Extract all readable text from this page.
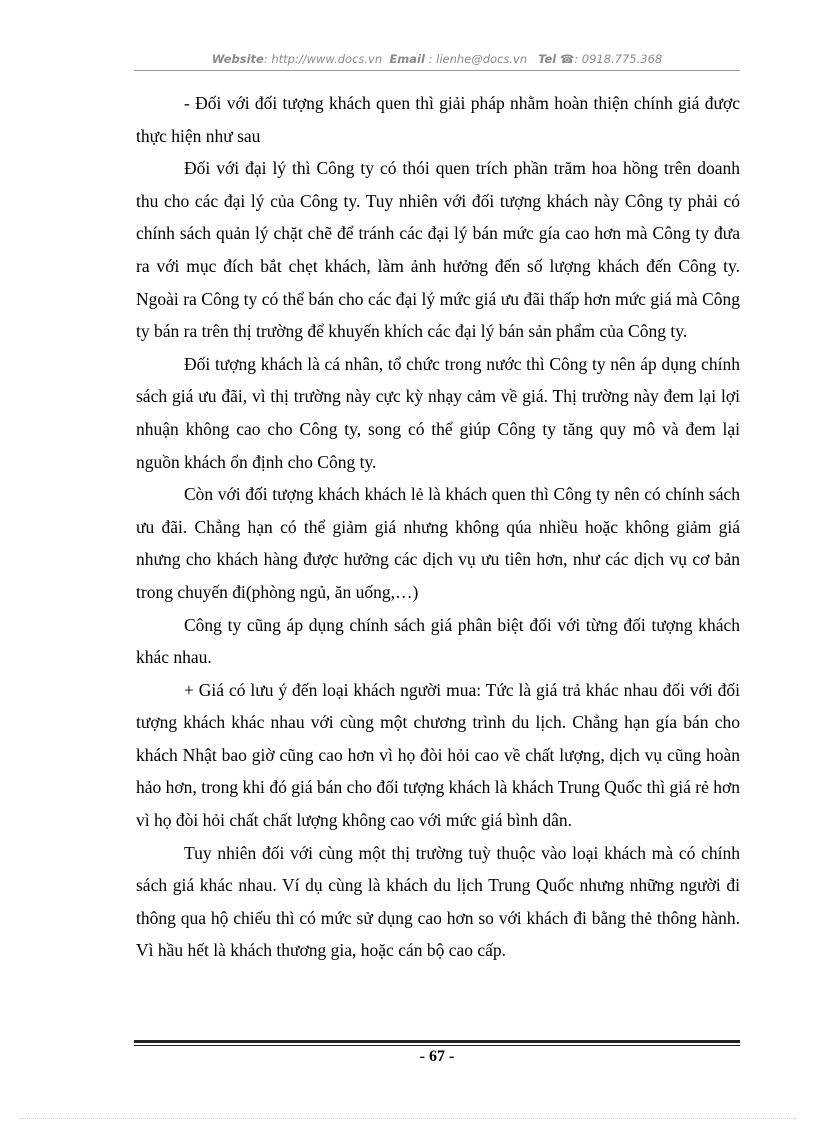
Website: http://www.docs.vn Email : lienhe@docs.vn Tel ☎: 0918.775.368

- Đối với đối tượng khách quen thì giải pháp nhằm hoàn thiện chính giá được thực hiện như sau

Đối với đại lý thì Công ty có thói quen trích phần trăm hoa hồng trên doanh thu cho các đại lý của Công ty. Tuy nhiên với đối tượng khách này Công ty phải có chính sách quản lý chặt chẽ để tránh các đại lý bán mức gía cao hơn mà Công ty đưa ra với mục đích bắt chẹt khách, làm ảnh hưởng đến số lượng khách đến Công ty. Ngoài ra Công ty có thể bán cho các đại lý mức giá ưu đãi thấp hơn mức giá mà Công ty bán ra trên thị trường để khuyến khích các đại lý bán sản phẩm của Công ty.

Đối tượng khách là cá nhân, tổ chức trong nước thì Công ty nên áp dụng chính sách giá ưu đãi, vì thị trường này cực kỳ nhạy cảm về giá. Thị trường này đem lại lợi nhuận không cao cho Công ty, song có thể giúp Công ty tăng quy mô và đem lại nguồn khách ổn định cho Công ty.

Còn với đối tượng khách khách lẻ là khách quen thì Công ty nên có chính sách ưu đãi. Chẳng hạn có thể giảm giá nhưng không qúa nhiều hoặc không giảm giá nhưng cho khách hàng được hưởng các dịch vụ ưu tiên hơn, như các dịch vụ cơ bản trong chuyến đi(phòng ngủ, ăn uống,…)

Công ty cũng áp dụng chính sách giá phân biệt đối với từng đối tượng khách khác nhau.

+ Giá có lưu ý đến loại khách người mua: Tức là giá trả khác nhau đối với đối tượng khách khác nhau với cùng một chương trình du lịch. Chẳng hạn gía bán cho khách Nhật bao giờ cũng cao hơn vì họ đòi hỏi cao về chất lượng, dịch vụ cũng hoàn hảo hơn, trong khi đó giá bán cho đối tượng khách là khách Trung Quốc thì giá rẻ hơn vì họ đòi hỏi chất chất lượng không cao với mức giá bình dân.

Tuy nhiên đối với cùng một thị trường tuỳ thuộc vào loại khách mà có chính sách giá khác nhau. Ví dụ cùng là khách du lịch Trung Quốc nhưng những người đi thông qua hộ chiếu thì có mức sử dụng cao hơn so với khách đi bằng thẻ thông hành. Vì hầu hết là khách thương gia, hoặc cán bộ cao cấp.

- 67 -
